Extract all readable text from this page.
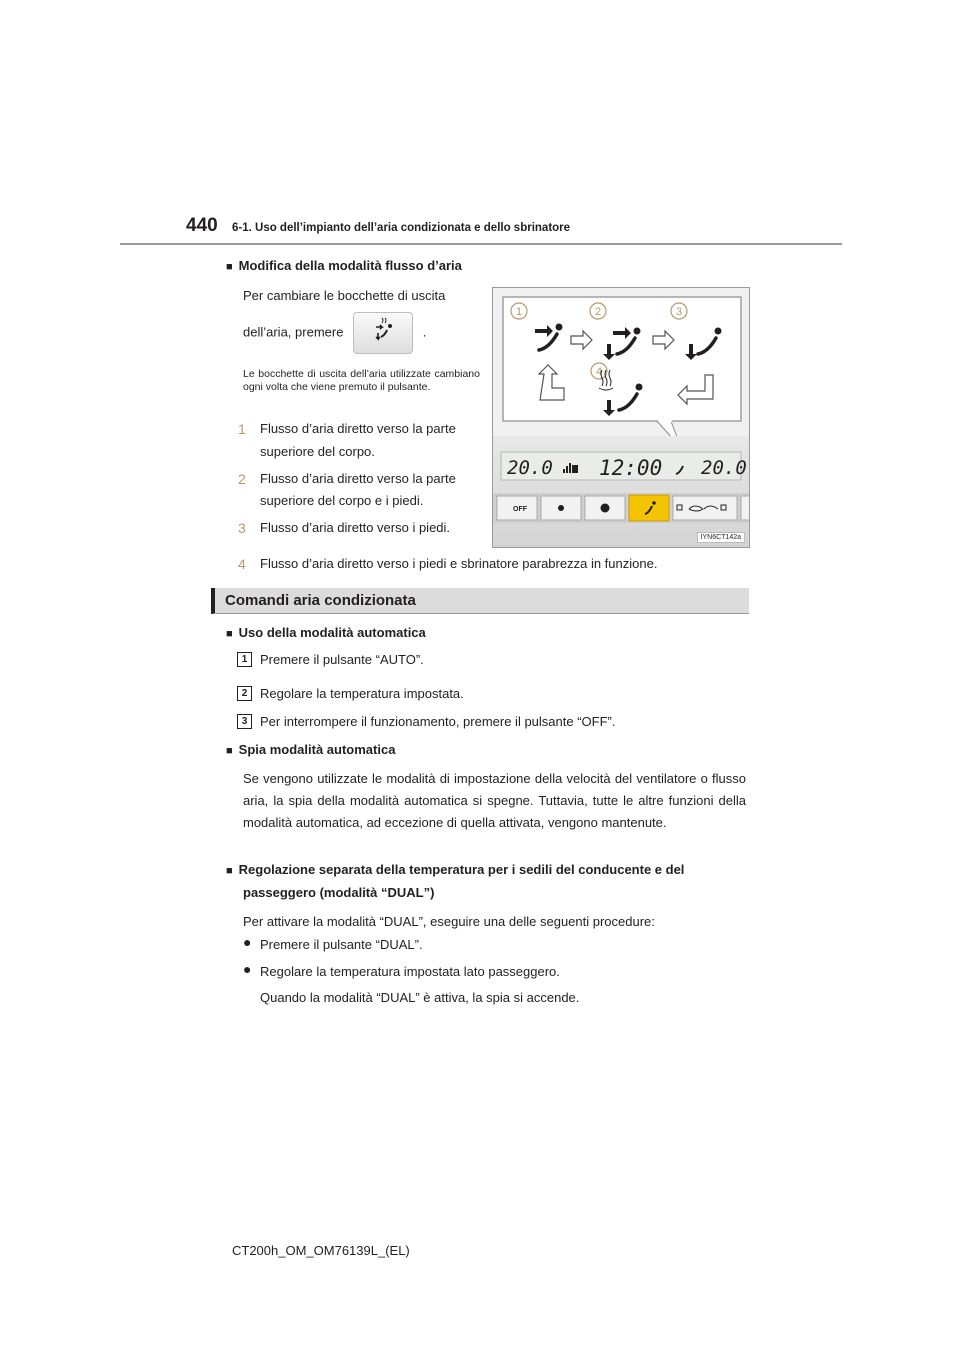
440 6-1. Uso dell’impianto dell’aria condizionata e dello sbrinatore
■ Modifica della modalità flusso d’aria
Per cambiare le bocchette di uscita
dell’aria, premere	.
Le bocchette di uscita dell’aria utilizzate cambiano ogni volta che viene premuto il pulsante.
1 Flusso d’aria diretto verso la parte
superiore del corpo.
2 Flusso d’aria diretto verso la parte
superiore del corpo e i piedi.
3 Flusso d’aria diretto verso i piedi.
4 Flusso d’aria diretto verso i piedi e sbrinatore parabrezza in funzione.
1	2	3
4
20.0 12:00 20.0
OFF
IYN6CT142a
Comandi aria condizionata
■ Uso della modalità automatica
1 Premere il pulsante “AUTO”.
2 Regolare la temperatura impostata.
3 Per interrompere il funzionamento, premere il pulsante “OFF”.
■ Spia modalità automatica
Se vengono utilizzate le modalità di impostazione della velocità del ventilatore o flusso aria, la spia della modalità automatica si spegne. Tuttavia, tutte le altre funzioni della modalità automatica, ad eccezione di quella attivata, vengono mantenute.
■ Regolazione separata della temperatura per i sedili del conducente e del
passeggero (modalità “DUAL”)
Per attivare la modalità “DUAL”, eseguire una delle seguenti procedure:
● Premere il pulsante “DUAL”.
● Regolare la temperatura impostata lato passeggero.
Quando la modalità “DUAL” è attiva, la spia si accende.
CT200h_OM_OM76139L_(EL)
